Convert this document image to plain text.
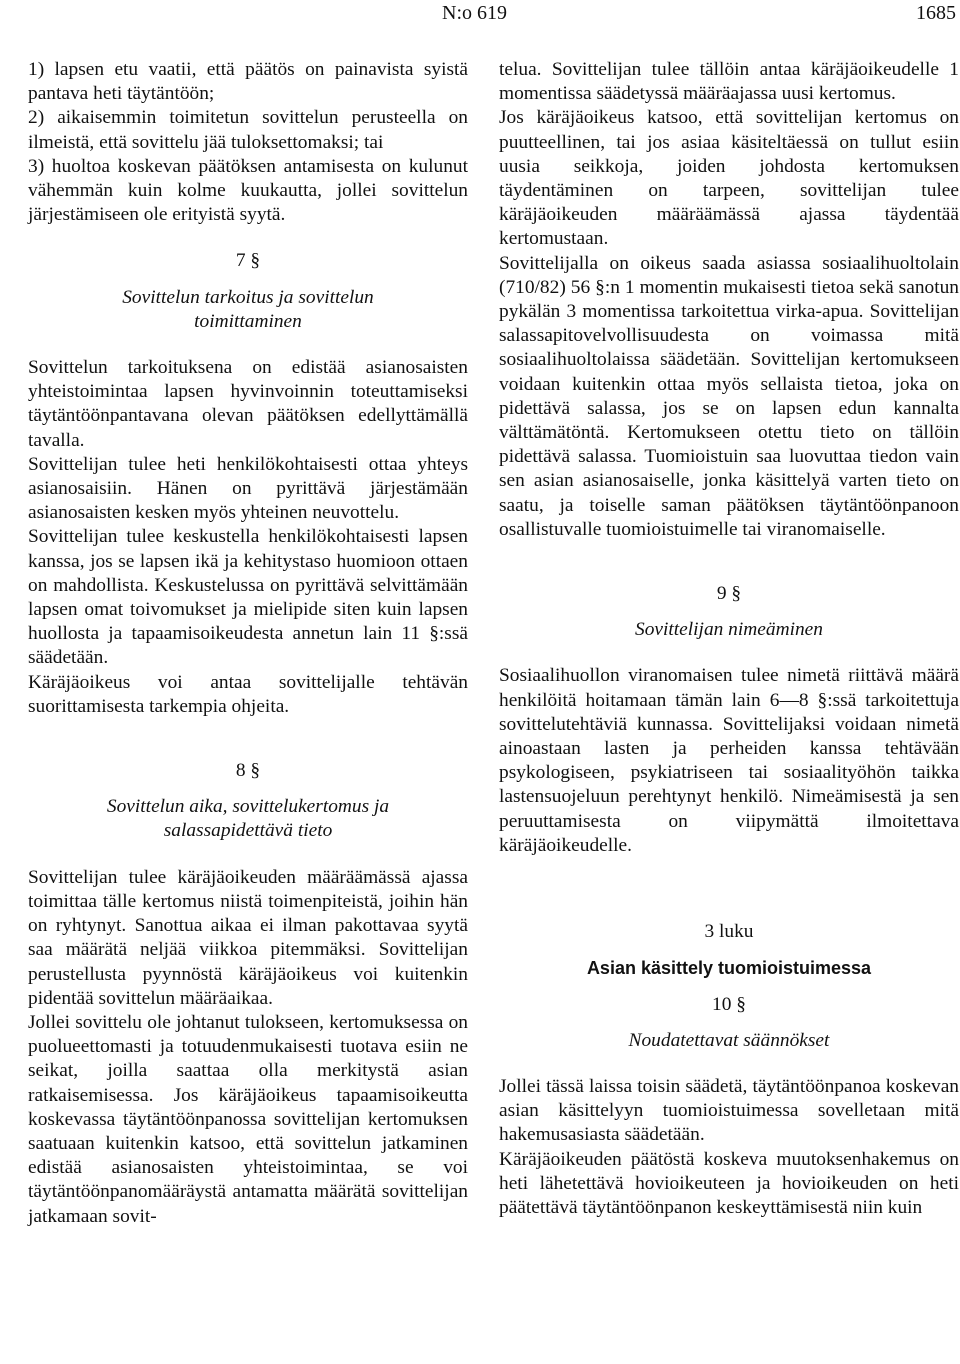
N:o 619	1685

1) lapsen etu vaatii, että päätös on painavista syistä pantava heti täytäntöön;

2) aikaisemmin toimitetun sovittelun perusteella on ilmeistä, että sovittelu jää tuloksettomaksi; tai

3) huoltoa koskevan päätöksen antamisesta on kulunut vähemmän kuin kolme kuukautta, jollei sovittelun järjestämiseen ole erityistä syytä.

7 §

Sovittelun tarkoitus ja sovittelun toimittaminen

Sovittelun tarkoituksena on edistää asianosaisten yhteistoimintaa lapsen hyvinvoinnin toteuttamiseksi täytäntöönpantavana olevan päätöksen edellyttämällä tavalla.

Sovittelijan tulee heti henkilökohtaisesti ottaa yhteys asianosaisiin. Hänen on pyrittävä järjestämään asianosaisten kesken myös yhteinen neuvottelu.

Sovittelijan tulee keskustella henkilökohtaisesti lapsen kanssa, jos se lapsen ikä ja kehitystaso huomioon ottaen on mahdollista. Keskustelussa on pyrittävä selvittämään lapsen omat toivomukset ja mielipide siten kuin lapsen huollosta ja tapaamisoikeudesta annetun lain 11 §:ssä säädetään.

Käräjäoikeus voi antaa sovittelijalle tehtävän suorittamisesta tarkempia ohjeita.

8 §

Sovittelun aika, sovittelukertomus ja salassapidettävä tieto

Sovittelijan tulee käräjäoikeuden määräämässä ajassa toimittaa tälle kertomus niistä toimenpiteistä, joihin hän on ryhtynyt. Sanottua aikaa ei ilman pakottavaa syytä saa määrätä neljää viikkoa pitemmäksi. Sovittelijan perustellusta pyynnöstä käräjäoikeus voi kuitenkin pidentää sovittelun määräaikaa.

Jollei sovittelu ole johtanut tulokseen, kertomuksessa on puolueettomasti ja totuudenmukaisesti tuotava esiin ne seikat, joilla saattaa olla merkitystä asian ratkaisemisessa. Jos käräjäoikeus tapaamisoikeutta koskevassa täytäntöönpanossa sovittelijan kertomuksen saatuaan kuitenkin katsoo, että sovittelun jatkaminen edistää asianosaisten yhteistoimintaa, se voi täytäntöönpanomääräystä antamatta määrätä sovittelijan jatkamaan sovit-

telua. Sovittelijan tulee tällöin antaa käräjäoikeudelle 1 momentissa säädetyssä määräajassa uusi kertomus.

Jos käräjäoikeus katsoo, että sovittelijan kertomus on puutteellinen, tai jos asiaa käsiteltäessä on tullut esiin uusia seikkoja, joiden johdosta kertomuksen täydentäminen on tarpeen, sovittelijan tulee käräjäoikeuden määräämässä ajassa täydentää kertomustaan.

Sovittelijalla on oikeus saada asiassa sosiaalihuoltolain (710/82) 56 §:n 1 momentin mukaisesti tietoa sekä sanotun pykälän 3 momentissa tarkoitettua virka-apua. Sovittelijan salassapitovelvollisuudesta on voimassa mitä sosiaalihuoltolaissa säädetään. Sovittelijan kertomukseen voidaan kuitenkin ottaa myös sellaista tietoa, joka on pidettävä salassa, jos se on lapsen edun kannalta välttämätöntä. Kertomukseen otettu tieto on tällöin pidettävä salassa. Tuomioistuin saa luovuttaa tiedon vain sen asian asianosaiselle, jonka käsittelyä varten tieto on saatu, ja toiselle saman päätöksen täytäntöönpanoon osallistuvalle tuomioistuimelle tai viranomaiselle.

9 §

Sovittelijan nimeäminen

Sosiaalihuollon viranomaisen tulee nimetä riittävä määrä henkilöitä hoitamaan tämän lain 6—8 §:ssä tarkoitettuja sovittelutehtäviä kunnassa. Sovittelijaksi voidaan nimetä ainoastaan lasten ja perheiden kanssa tehtävään psykologiseen, psykiatriseen tai sosiaalityöhön taikka lastensuojeluun perehtynyt henkilö. Nimeämisestä ja sen peruuttamisesta on viipymättä ilmoitettava käräjäoikeudelle.

3 luku

Asian käsittely tuomioistuimessa

10 §

Noudatettavat säännökset

Jollei tässä laissa toisin säädetä, täytäntöönpanoa koskevan asian käsittelyyn tuomioistuimessa sovelletaan mitä hakemusasiasta säädetään.

Käräjäoikeuden päätöstä koskeva muutoksenhakemus on heti lähetettävä hovioikeuteen ja hovioikeuden on heti päätettävä täytäntöönpanon keskeyttämisestä niin kuin
